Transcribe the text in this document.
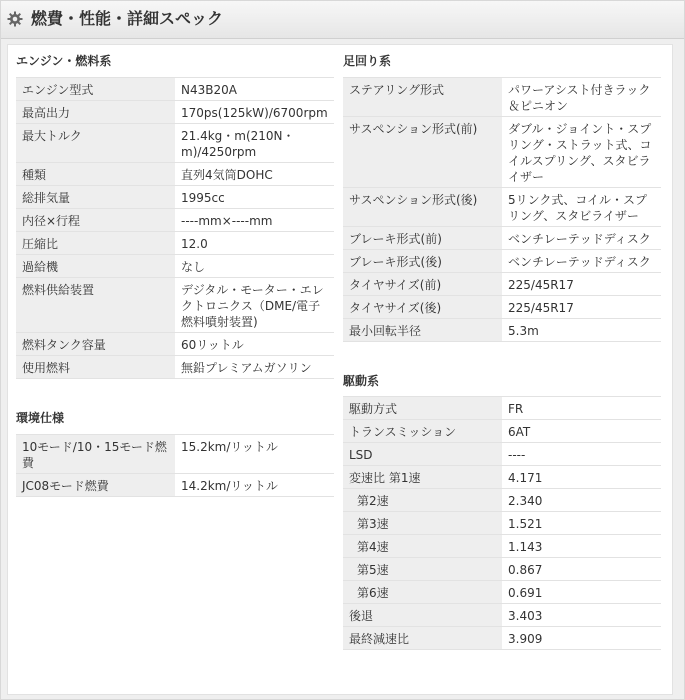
燃費・性能・詳細スペック
エンジン・燃料系
エンジン型式	N43B20A
最高出力	170ps(125kW)/6700rpm
最大トルク	21.4kg・m(210N・m)/4250rpm
種類	直列4気筒DOHC
総排気量	1995cc
内径×行程	----mm×----mm
圧縮比	12.0
過給機	なし
燃料供給装置	デジタル・モーター・エレクトロニクス（DME/電子燃料噴射装置)
燃料タンク容量	60リットル
使用燃料	無鉛プレミアムガソリン
環境仕様
10モード/10・15モード燃費	15.2km/リットル
JC08モード燃費	14.2km/リットル
足回り系
ステアリング形式	パワーアシスト付きラック＆ピニオン
サスペンション形式(前)	ダブル・ジョイント・スプリング・ストラット式、コイルスプリング、スタビライザー
サスペンション形式(後)	5リンク式、コイル・スプリング、スタビライザー
ブレーキ形式(前)	ベンチレーテッドディスク
ブレーキ形式(後)	ベンチレーテッドディスク
タイヤサイズ(前)	225/45R17
タイヤサイズ(後)	225/45R17
最小回転半径	5.3m
駆動系
駆動方式	FR
トランスミッション	6AT
LSD	----
変速比 第1速	4.171
第2速	2.340
第3速	1.521
第4速	1.143
第5速	0.867
第6速	0.691
後退	3.403
最終減速比	3.909
